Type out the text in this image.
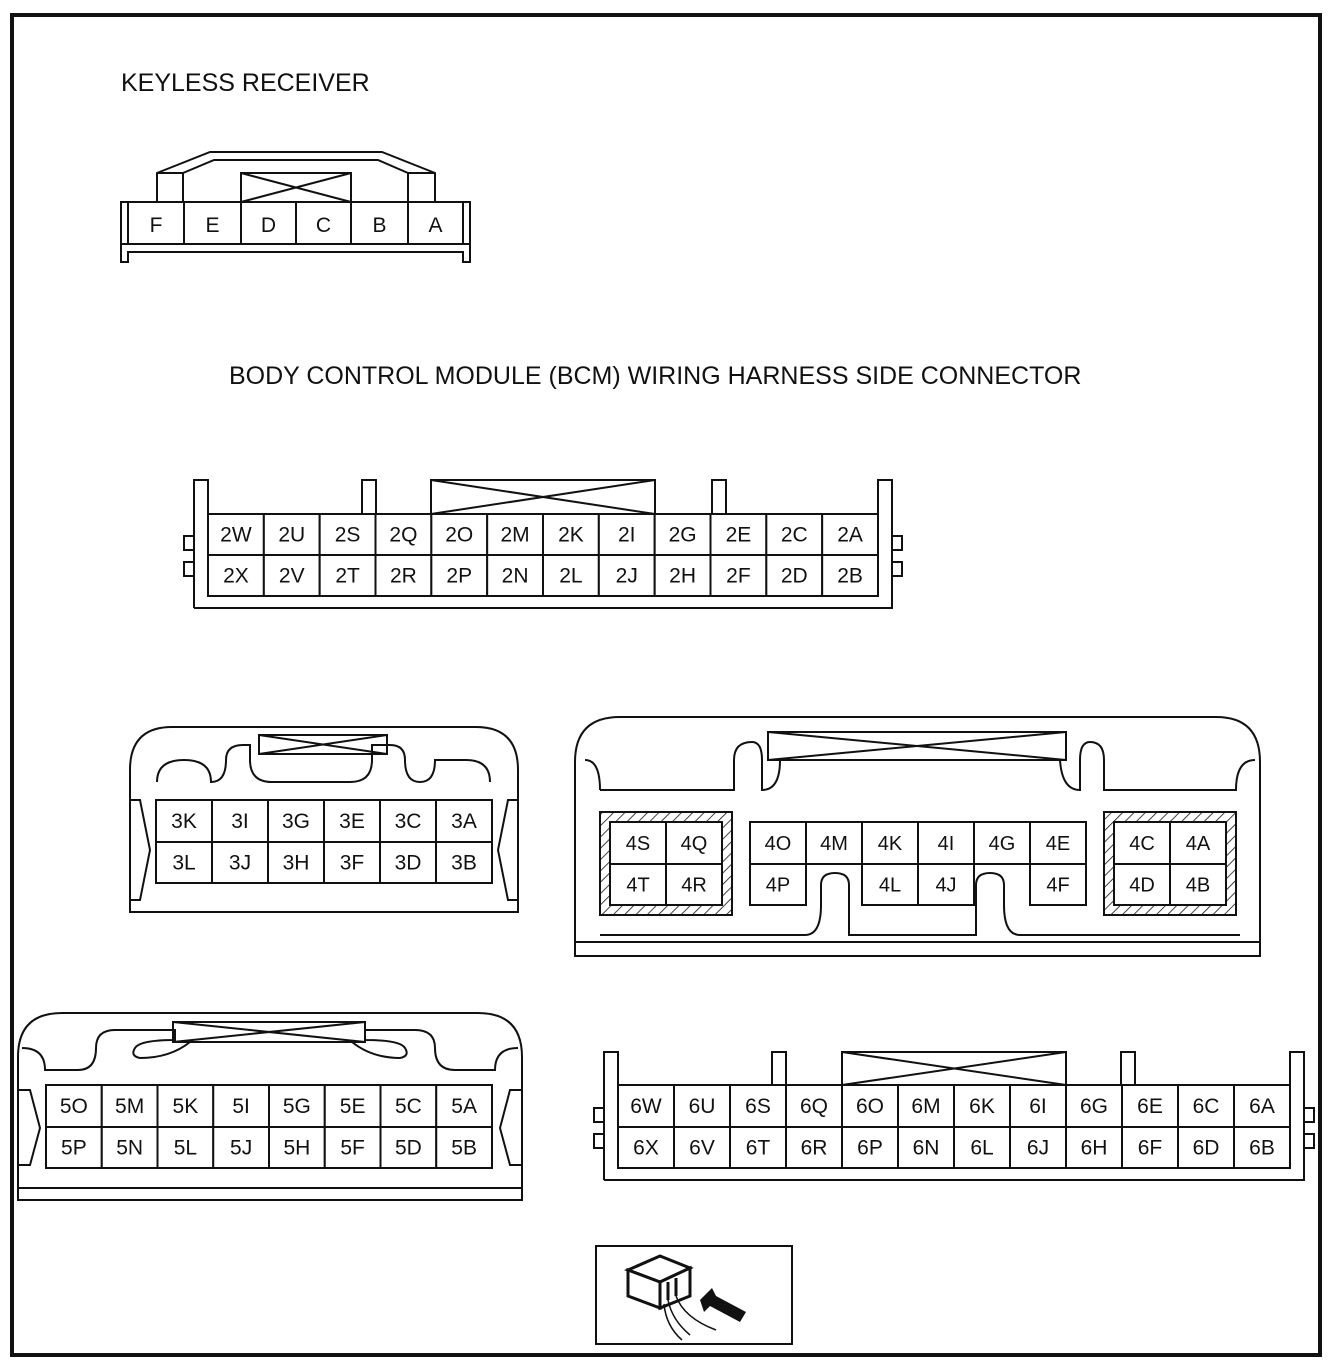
KEYLESS RECEIVER
BODY CONTROL MODULE (BCM) WIRING HARNESS SIDE CONNECTOR
F E D C B A
2W 2U 2S 2Q 2O 2M 2K 2I 2G 2E 2C 2A
2X 2V 2T 2R 2P 2N 2L 2J 2H 2F 2D 2B
3K 3I 3G 3E 3C 3A
3L 3J 3H 3F 3D 3B
4S 4Q
4T 4R
4C 4A
4D 4B
4O 4M 4K 4I 4G 4E
4P	4L 4J	4F
5O 5M 5K 5I 5G 5E 5C 5A
5P 5N 5L 5J 5H 5F 5D 5B
6W 6U 6S 6Q 6O 6M 6K 6I 6G 6E 6C 6A
6X 6V 6T 6R 6P 6N 6L 6J 6H 6F 6D 6B
